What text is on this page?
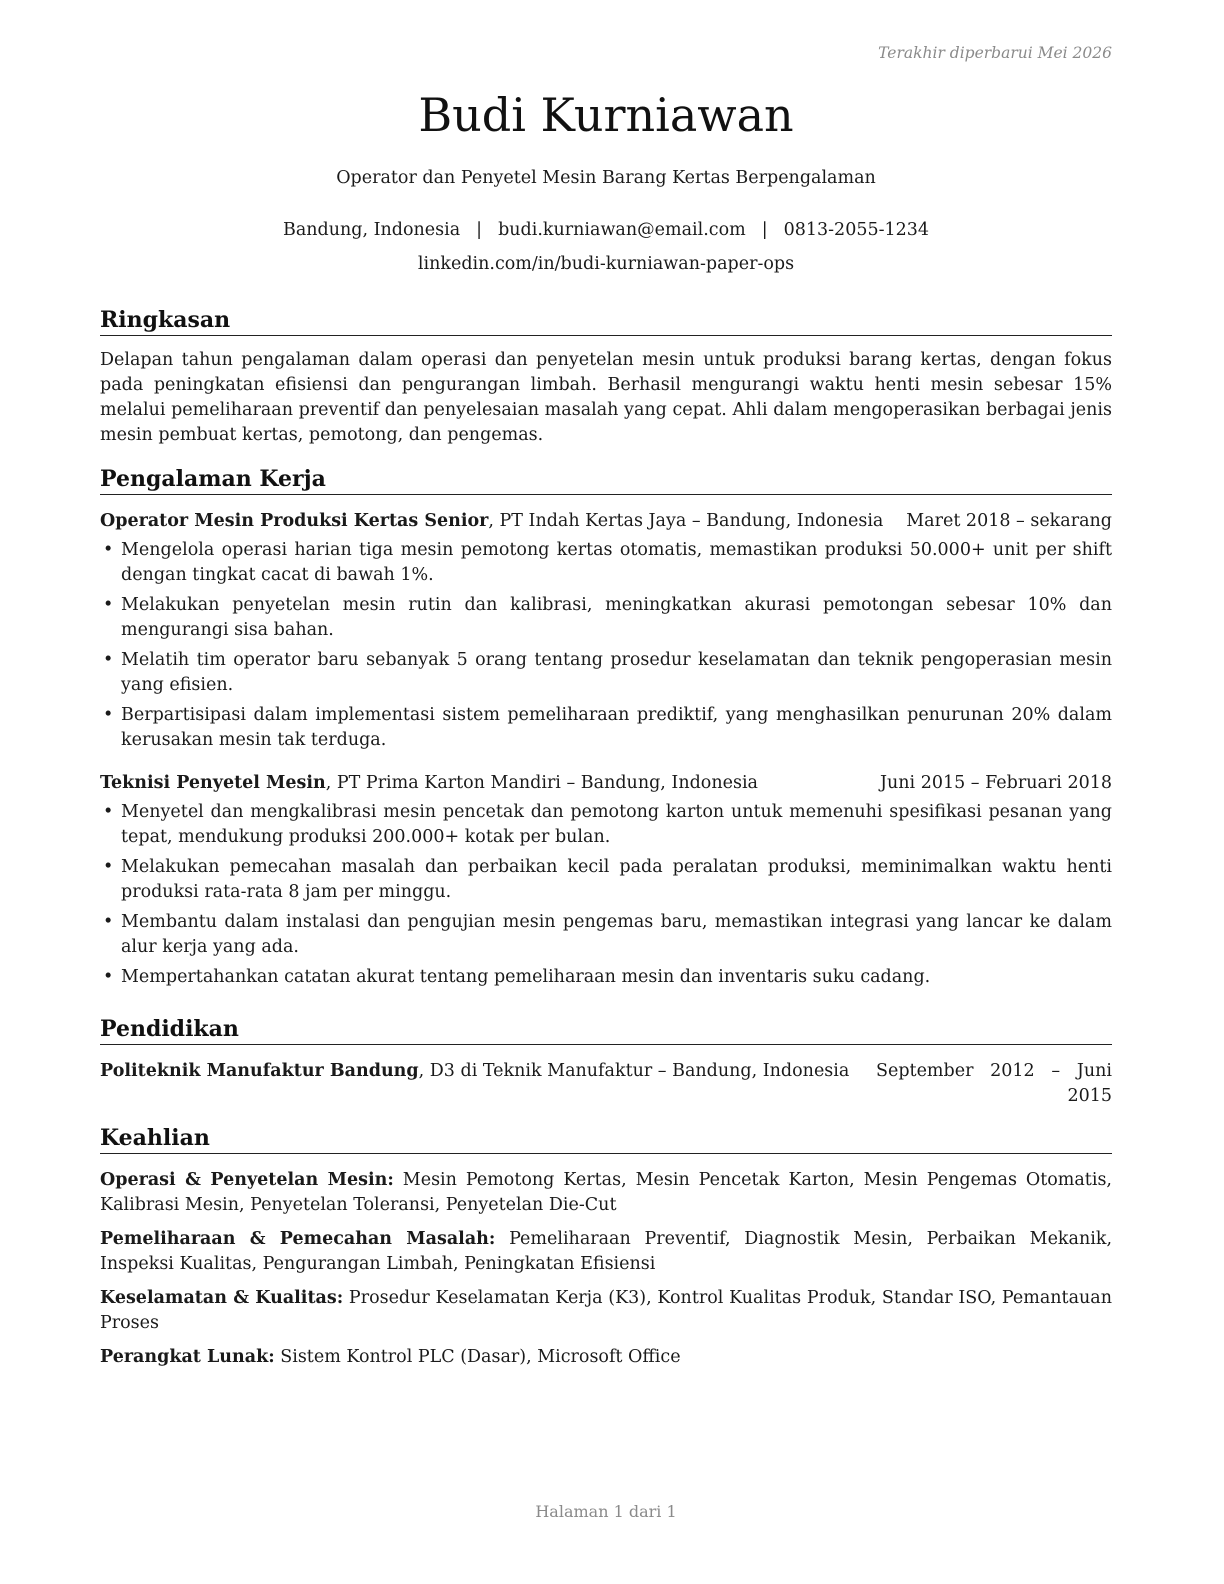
Terakhir diperbarui Mei 2026
Budi Kurniawan
Operator dan Penyetel Mesin Barang Kertas Berpengalaman
Bandung, Indonesia | budi.kurniawan@email.com | 0813-2055-1234
linkedin.com/in/budi-kurniawan-paper-ops
Ringkasan

Delapan tahun pengalaman dalam operasi dan penyetelan mesin untuk produksi barang kertas, dengan fokus pada peningkatan efisiensi dan pengurangan limbah. Berhasil mengurangi waktu henti mesin sebesar 15% melalui pemeliharaan preventif dan penyelesaian masalah yang cepat. Ahli dalam mengoperasikan berbagai jenis mesin pembuat kertas, pemotong, dan pengemas.

Pengalaman Kerja
Operator Mesin Produksi Kertas Senior, PT Indah Kertas Jaya – Bandung, Indonesia Maret 2018 – sekarang
• Mengelola operasi harian tiga mesin pemotong kertas otomatis, memastikan produksi 50.000+ unit per shift dengan tingkat cacat di bawah 1%.
• Melakukan penyetelan mesin rutin dan kalibrasi, meningkatkan akurasi pemotongan sebesar 10% dan mengurangi sisa bahan.
• Melatih tim operator baru sebanyak 5 orang tentang prosedur keselamatan dan teknik pengoperasian mesin yang efisien.
• Berpartisipasi dalam implementasi sistem pemeliharaan prediktif, yang menghasilkan penurunan 20% dalam kerusakan mesin tak terduga.
Teknisi Penyetel Mesin, PT Prima Karton Mandiri – Bandung, Indonesia	Juni 2015 – Februari 2018
• Menyetel dan mengkalibrasi mesin pencetak dan pemotong karton untuk memenuhi spesifikasi pesanan yang tepat, mendukung produksi 200.000+ kotak per bulan.
• Melakukan pemecahan masalah dan perbaikan kecil pada peralatan produksi, meminimalkan waktu henti produksi rata-rata 8 jam per minggu.
• Membantu dalam instalasi dan pengujian mesin pengemas baru, memastikan integrasi yang lancar ke dalam alur kerja yang ada.
• Mempertahankan catatan akurat tentang pemeliharaan mesin dan inventaris suku cadang.
Pendidikan
Politeknik Manufaktur Bandung, D3 di Teknik Manufaktur – Bandung, Indonesia September 2012 – Juni 2015
Keahlian
Operasi & Penyetelan Mesin: Mesin Pemotong Kertas, Mesin Pencetak Karton, Mesin Pengemas Otomatis, Kalibrasi Mesin, Penyetelan Toleransi, Penyetelan Die-Cut
Pemeliharaan & Pemecahan Masalah: Pemeliharaan Preventif, Diagnostik Mesin, Perbaikan Mekanik, Inspeksi Kualitas, Pengurangan Limbah, Peningkatan Efisiensi
Keselamatan & Kualitas: Prosedur Keselamatan Kerja (K3), Kontrol Kualitas Produk, Standar ISO, Pemantauan Proses
Perangkat Lunak: Sistem Kontrol PLC (Dasar), Microsoft Office
Halaman 1 dari 1
